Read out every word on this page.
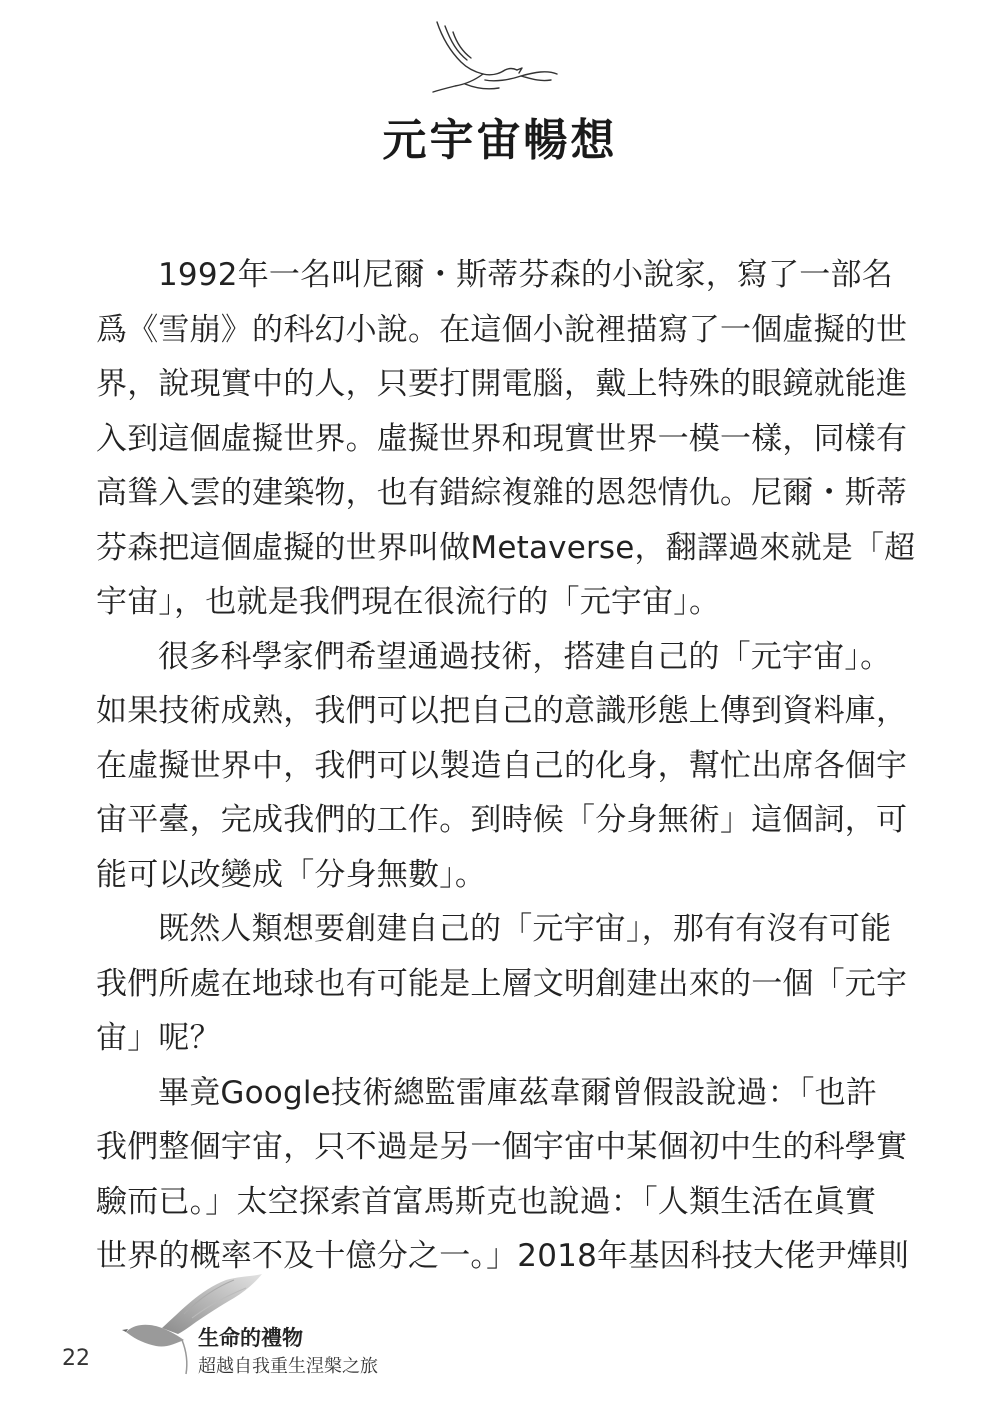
元宇宙暢想
1992年一名叫尼爾・斯蒂芬森的小說家，寫了一部名
爲《雪崩》的科幻小說。在這個小說裡描寫了一個虛擬的世
界，說現實中的人，只要打開電腦，戴上特殊的眼鏡就能進
入到這個虛擬世界。虛擬世界和現實世界一模一樣，同樣有
高聳入雲的建築物，也有錯綜複雜的恩怨情仇。尼爾・斯蒂
芬森把這個虛擬的世界叫做Metaverse，翻譯過來就是「超
宇宙」，也就是我們現在很流行的「元宇宙」。
很多科學家們希望通過技術，搭建自己的「元宇宙」。
如果技術成熟，我們可以把自己的意識形態上傳到資料庫，
在虛擬世界中，我們可以製造自己的化身，幫忙出席各個宇
宙平臺，完成我們的工作。到時候「分身無術」這個詞，可
能可以改變成「分身無數」。
既然人類想要創建自己的「元宇宙」，那有有沒有可能
我們所處在地球也有可能是上層文明創建出來的一個「元宇
宙」呢？
畢竟Google技術總監雷庫茲韋爾曾假設說過：「也許
我們整個宇宙，只不過是另一個宇宙中某個初中生的科學實
驗而已。」太空探索首富馬斯克也說過：「人類生活在眞實
世界的概率不及十億分之一。」2018年基因科技大佬尹燁則
22
生命的禮物
超越自我重生涅槃之旅
